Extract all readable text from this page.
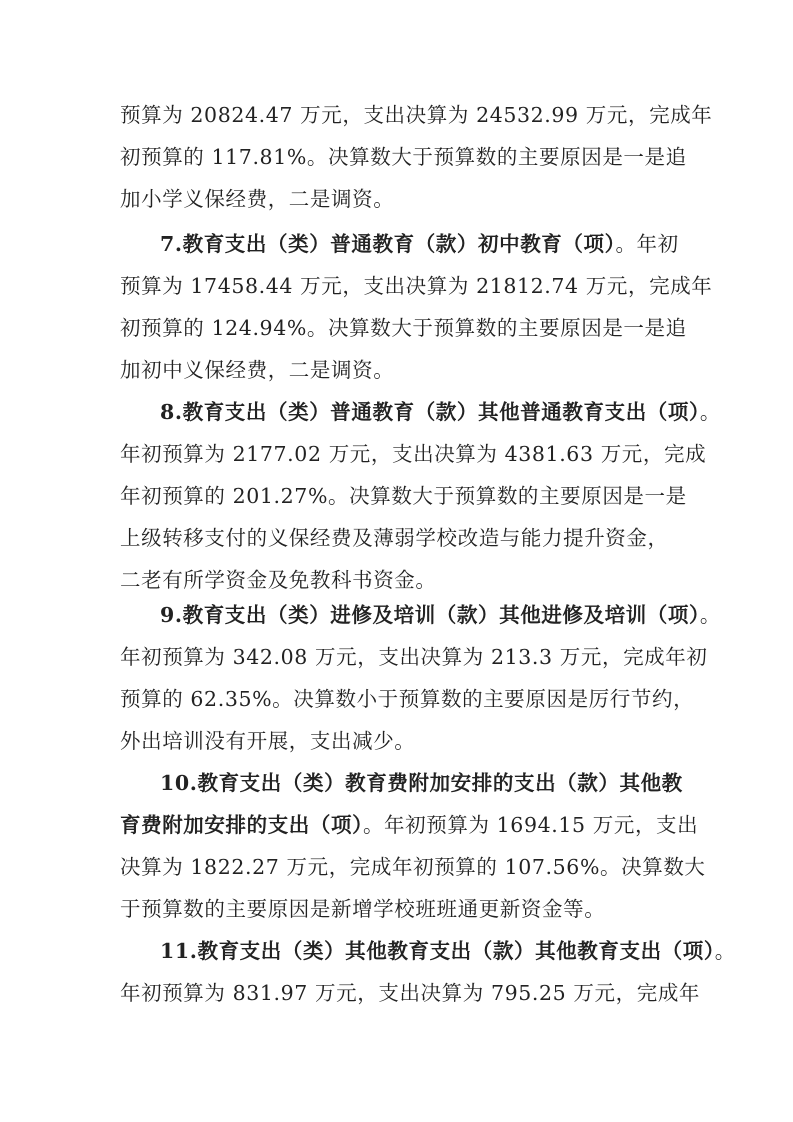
预算为 20824.47 万元，支出决算为 24532.99 万元，完成年
初预算的 117.81%。决算数大于预算数的主要原因是一是追
加小学义保经费，二是调资。
7.教育支出（类）普通教育（款）初中教育（项）。年初
预算为 17458.44 万元，支出决算为 21812.74 万元，完成年
初预算的 124.94%。决算数大于预算数的主要原因是一是追
加初中义保经费，二是调资。
8.教育支出（类）普通教育（款）其他普通教育支出（项）。
年初预算为 2177.02 万元，支出决算为 4381.63 万元，完成
年初预算的 201.27%。决算数大于预算数的主要原因是一是
上级转移支付的义保经费及薄弱学校改造与能力提升资金，
二老有所学资金及免教科书资金。
9.教育支出（类）进修及培训（款）其他进修及培训（项）。
年初预算为 342.08 万元，支出决算为 213.3 万元，完成年初
预算的 62.35%。决算数小于预算数的主要原因是厉行节约，
外出培训没有开展，支出减少。
10.教育支出（类）教育费附加安排的支出（款）其他教
育费附加安排的支出（项）。年初预算为 1694.15 万元，支出
决算为 1822.27 万元，完成年初预算的 107.56%。决算数大
于预算数的主要原因是新增学校班班通更新资金等。
11.教育支出（类）其他教育支出（款）其他教育支出（项）。
年初预算为 831.97 万元，支出决算为 795.25 万元，完成年
